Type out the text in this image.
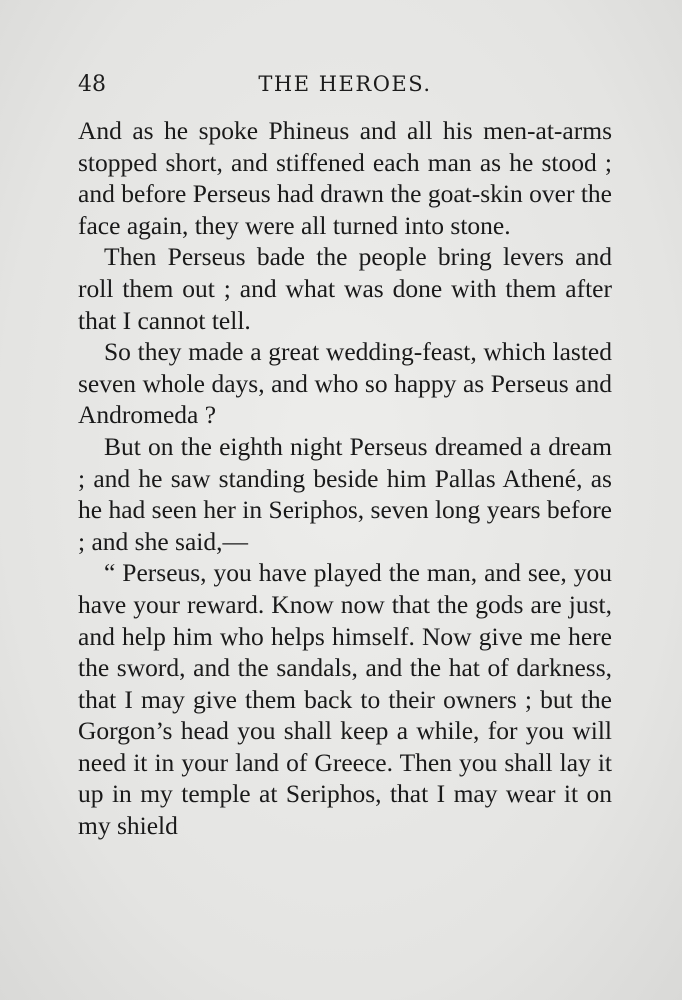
48	THE HEROES.

And as he spoke Phineus and all his men-at-arms stopped short, and stiffened each man as he stood ; and before Perseus had drawn the goat-skin over the face again, they were all turned into stone.

Then Perseus bade the people bring levers and roll them out ; and what was done with them after that I cannot tell.

So they made a great wedding-feast, which lasted seven whole days, and who so happy as Perseus and Andromeda ?

But on the eighth night Perseus dreamed a dream ; and he saw standing beside him Pallas Athené, as he had seen her in Seriphos, seven long years before ; and she said,—

“ Perseus, you have played the man, and see, you have your reward. Know now that the gods are just, and help him who helps himself. Now give me here the sword, and the sandals, and the hat of darkness, that I may give them back to their owners ; but the Gorgon’s head you shall keep a while, for you will need it in your land of Greece. Then you shall lay it up in my temple at Seriphos, that I may wear it on my shield
